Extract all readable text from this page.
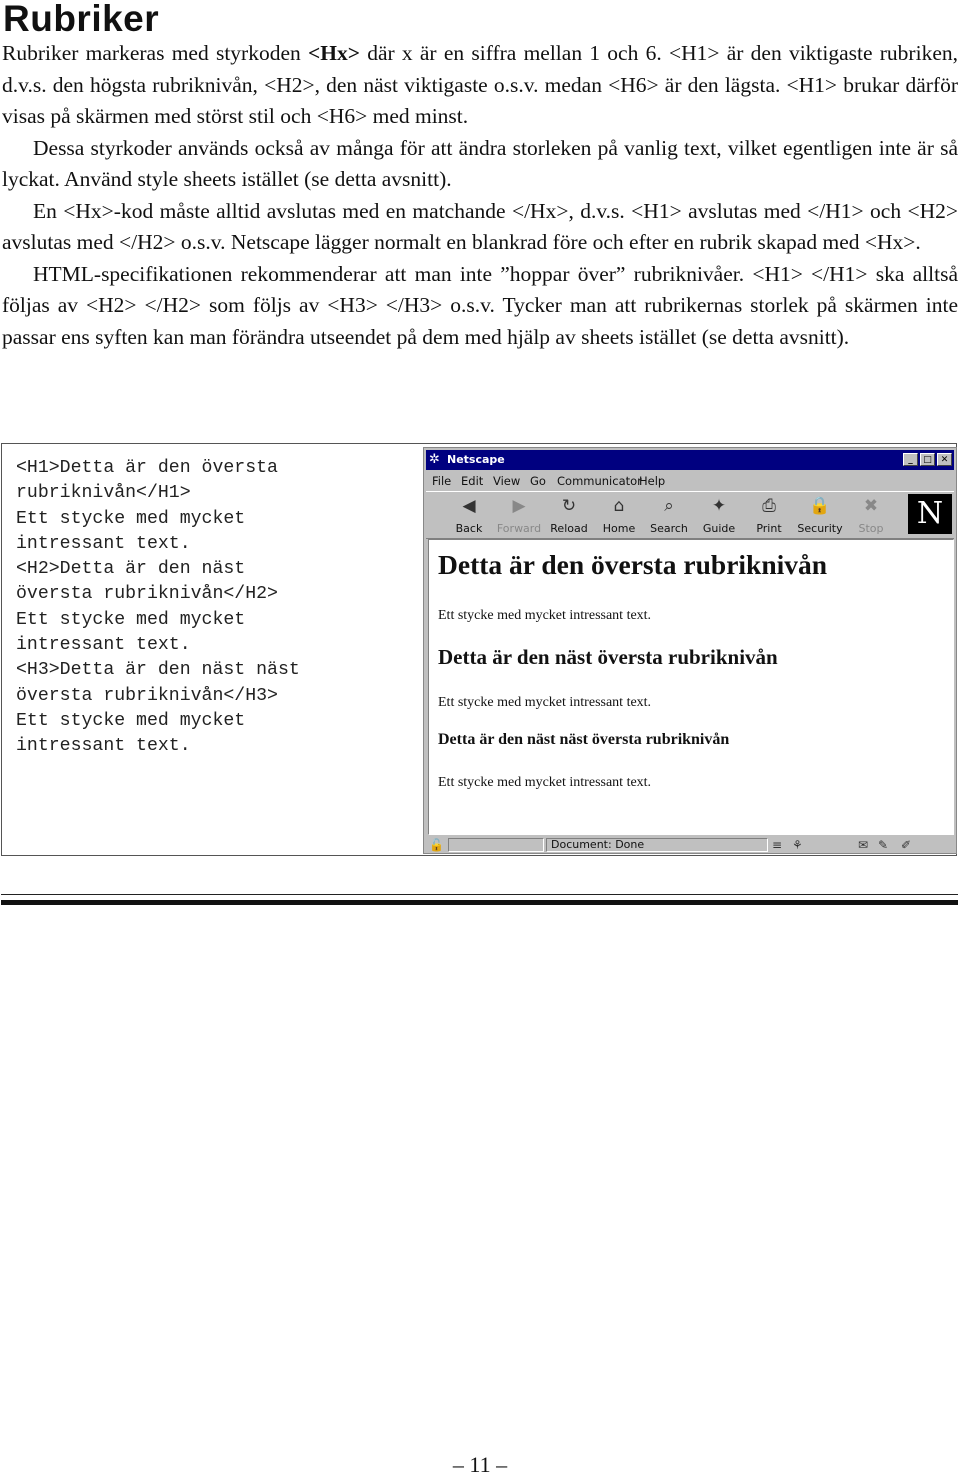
Rubriker

Rubriker markeras med styrkoden <Hx> där x är en siffra mellan 1 och 6. <H1> är den viktigaste rubriken, d.v.s. den högsta rubriknivån, <H2>, den näst viktigaste o.s.v. medan <H6> är den lägsta. <H1> brukar därför visas på skärmen med störst stil och <H6> med minst.

Dessa styrkoder används också av många för att ändra storleken på vanlig text, vilket egentligen inte är så lyckat. Använd style sheets istället (se detta avsnitt).

En <Hx>-kod måste alltid avslutas med en matchande </Hx>, d.v.s. <H1> avslutas med </H1> och <H2> avslutas med </H2> o.s.v. Netscape lägger normalt en blankrad före och efter en rubrik skapad med <Hx>.

HTML-specifikationen rekommenderar att man inte ”hoppar över” rubriknivåer. <H1> </H1> ska alltså följas av <H2> </H2> som följs av <H3> </H3> o.s.v. Tycker man att rubrikernas storlek på skärmen inte passar ens syften kan man förändra utseendet på dem med hjälp av sheets istället (se detta avsnitt).

<H1>Detta är den översta
rubriknivån</H1>
Ett stycke med mycket
intressant text.
<H2>Detta är den näst
översta rubriknivån</H2>
Ett stycke med mycket
intressant text.
<H3>Detta är den näst näst
översta rubriknivån</H3>
Ett stycke med mycket
intressant text.
✲ Netscape	_	□ ✕
File Edit View Go Communicator
Help
◀
Back
▶
Forward
↻
Reload
⌂
Home
⌕
Search
✦
Guide
⎙
Print
🔒
Security
✖
Stop	N
Detta är den översta rubriknivån
Ett stycke med mycket intressant text.
Detta är den näst översta rubriknivån
Ett stycke med mycket intressant text.
Detta är den näst näst översta rubriknivån
Ett stycke med mycket intressant text.
🔓	Document: Done	≡ ⚘	✉ ✎ ✐
– 11 –
